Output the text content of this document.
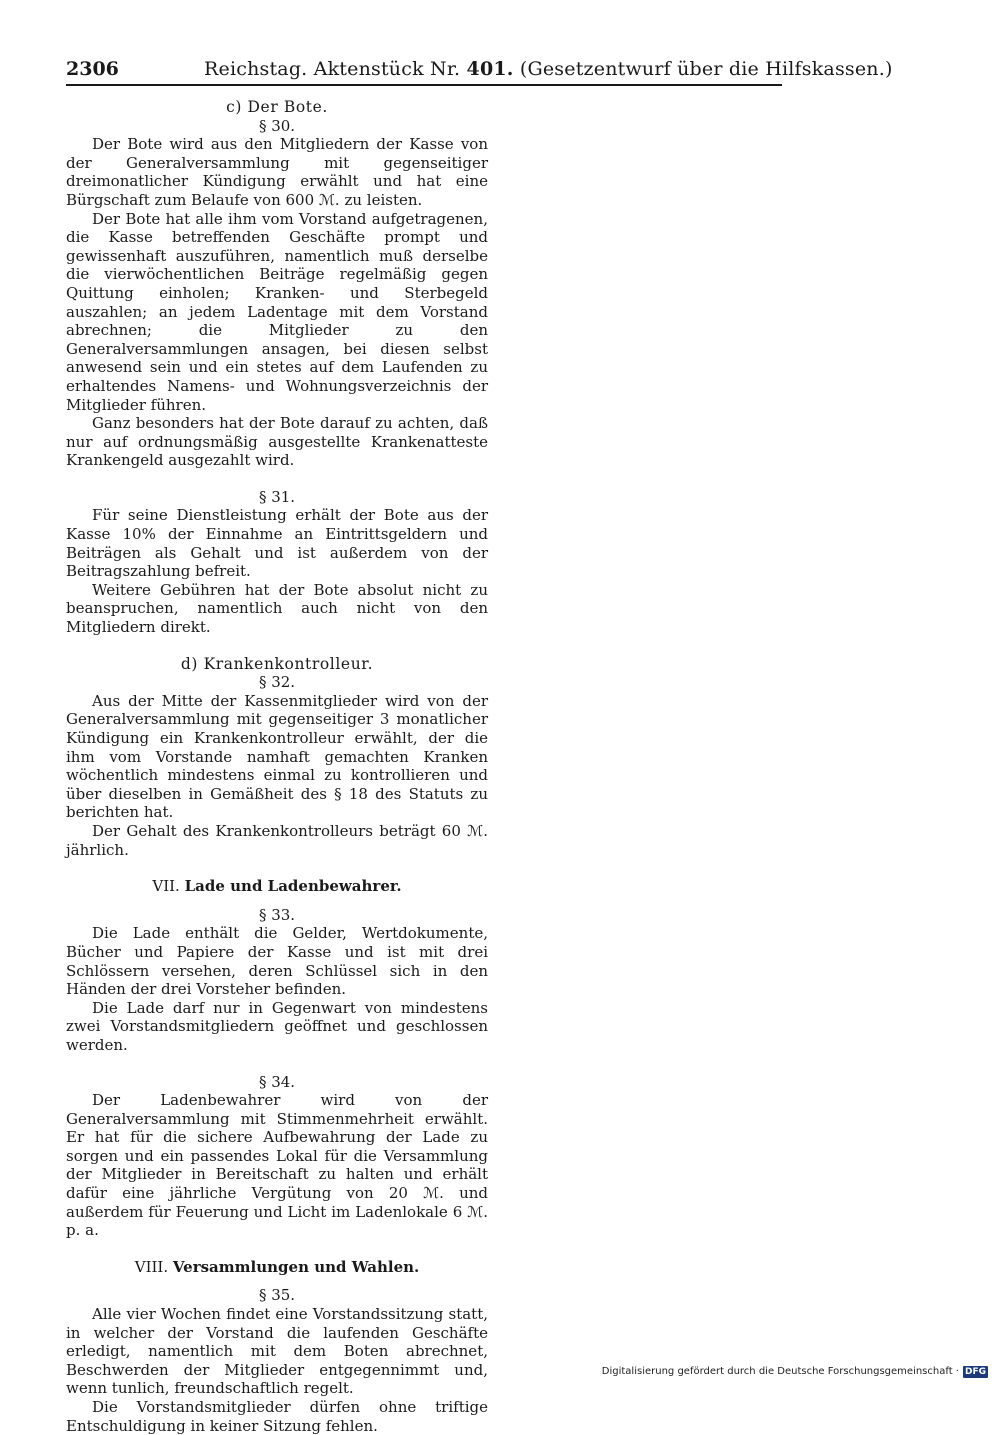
2306	Reichstag. Aktenstück Nr. 401. (Gesetzentwurf über die Hilfskassen.)

c) Der Bote.

§ 30.

Der Bote wird aus den Mitgliedern der Kasse von der Generalversammlung mit gegenseitiger dreimonatlicher Kündigung erwählt und hat eine Bürgschaft zum Belaufe von 600 ℳ. zu leisten.

Der Bote hat alle ihm vom Vorstand aufgetragenen, die Kasse betreffenden Geschäfte prompt und gewissenhaft auszuführen, namentlich muß derselbe die vierwöchentlichen Beiträge regelmäßig gegen Quittung einholen; Kranken- und Sterbegeld auszahlen; an jedem Ladentage mit dem Vorstand abrechnen; die Mitglieder zu den Generalversammlungen ansagen, bei diesen selbst anwesend sein und ein stetes auf dem Laufenden zu erhaltendes Namens- und Wohnungsverzeichnis der Mitglieder führen.

Ganz besonders hat der Bote darauf zu achten, daß nur auf ordnungsmäßig ausgestellte Krankenatteste Krankengeld ausgezahlt wird.

§ 31.

Für seine Dienstleistung erhält der Bote aus der Kasse 10% der Einnahme an Eintrittsgeldern und Beiträgen als Gehalt und ist außerdem von der Beitragszahlung befreit.

Weitere Gebühren hat der Bote absolut nicht zu beanspruchen, namentlich auch nicht von den Mitgliedern direkt.

d) Krankenkontrolleur.

§ 32.

Aus der Mitte der Kassenmitglieder wird von der Generalversammlung mit gegenseitiger 3 monatlicher Kündigung ein Krankenkontrolleur erwählt, der die ihm vom Vorstande namhaft gemachten Kranken wöchentlich mindestens einmal zu kontrollieren und über dieselben in Gemäßheit des § 18 des Statuts zu berichten hat.

Der Gehalt des Krankenkontrolleurs beträgt 60 ℳ. jährlich.

VII. Lade und Ladenbewahrer.

§ 33.

Die Lade enthält die Gelder, Wertdokumente, Bücher und Papiere der Kasse und ist mit drei Schlössern versehen, deren Schlüssel sich in den Händen der drei Vorsteher befinden.

Die Lade darf nur in Gegenwart von mindestens zwei Vorstandsmitgliedern geöffnet und geschlossen werden.

§ 34.

Der Ladenbewahrer wird von der Generalversammlung mit Stimmenmehrheit erwählt. Er hat für die sichere Aufbewahrung der Lade zu sorgen und ein passendes Lokal für die Versammlung der Mitglieder in Bereitschaft zu halten und erhält dafür eine jährliche Vergütung von 20 ℳ. und außerdem für Feuerung und Licht im Ladenlokale 6 ℳ. p. a.

VIII. Versammlungen und Wahlen.

§ 35.

Alle vier Wochen findet eine Vorstandssitzung statt, in welcher der Vorstand die laufenden Geschäfte erledigt, namentlich mit dem Boten abrechnet, Beschwerden der Mitglieder entgegennimmt und, wenn tunlich, freundschaftlich regelt.

Die Vorstandsmitglieder dürfen ohne triftige Entschuldigung in keiner Sitzung fehlen.

Digitalisierung gefördert durch die Deutsche Forschungsgemeinschaft · DFG
